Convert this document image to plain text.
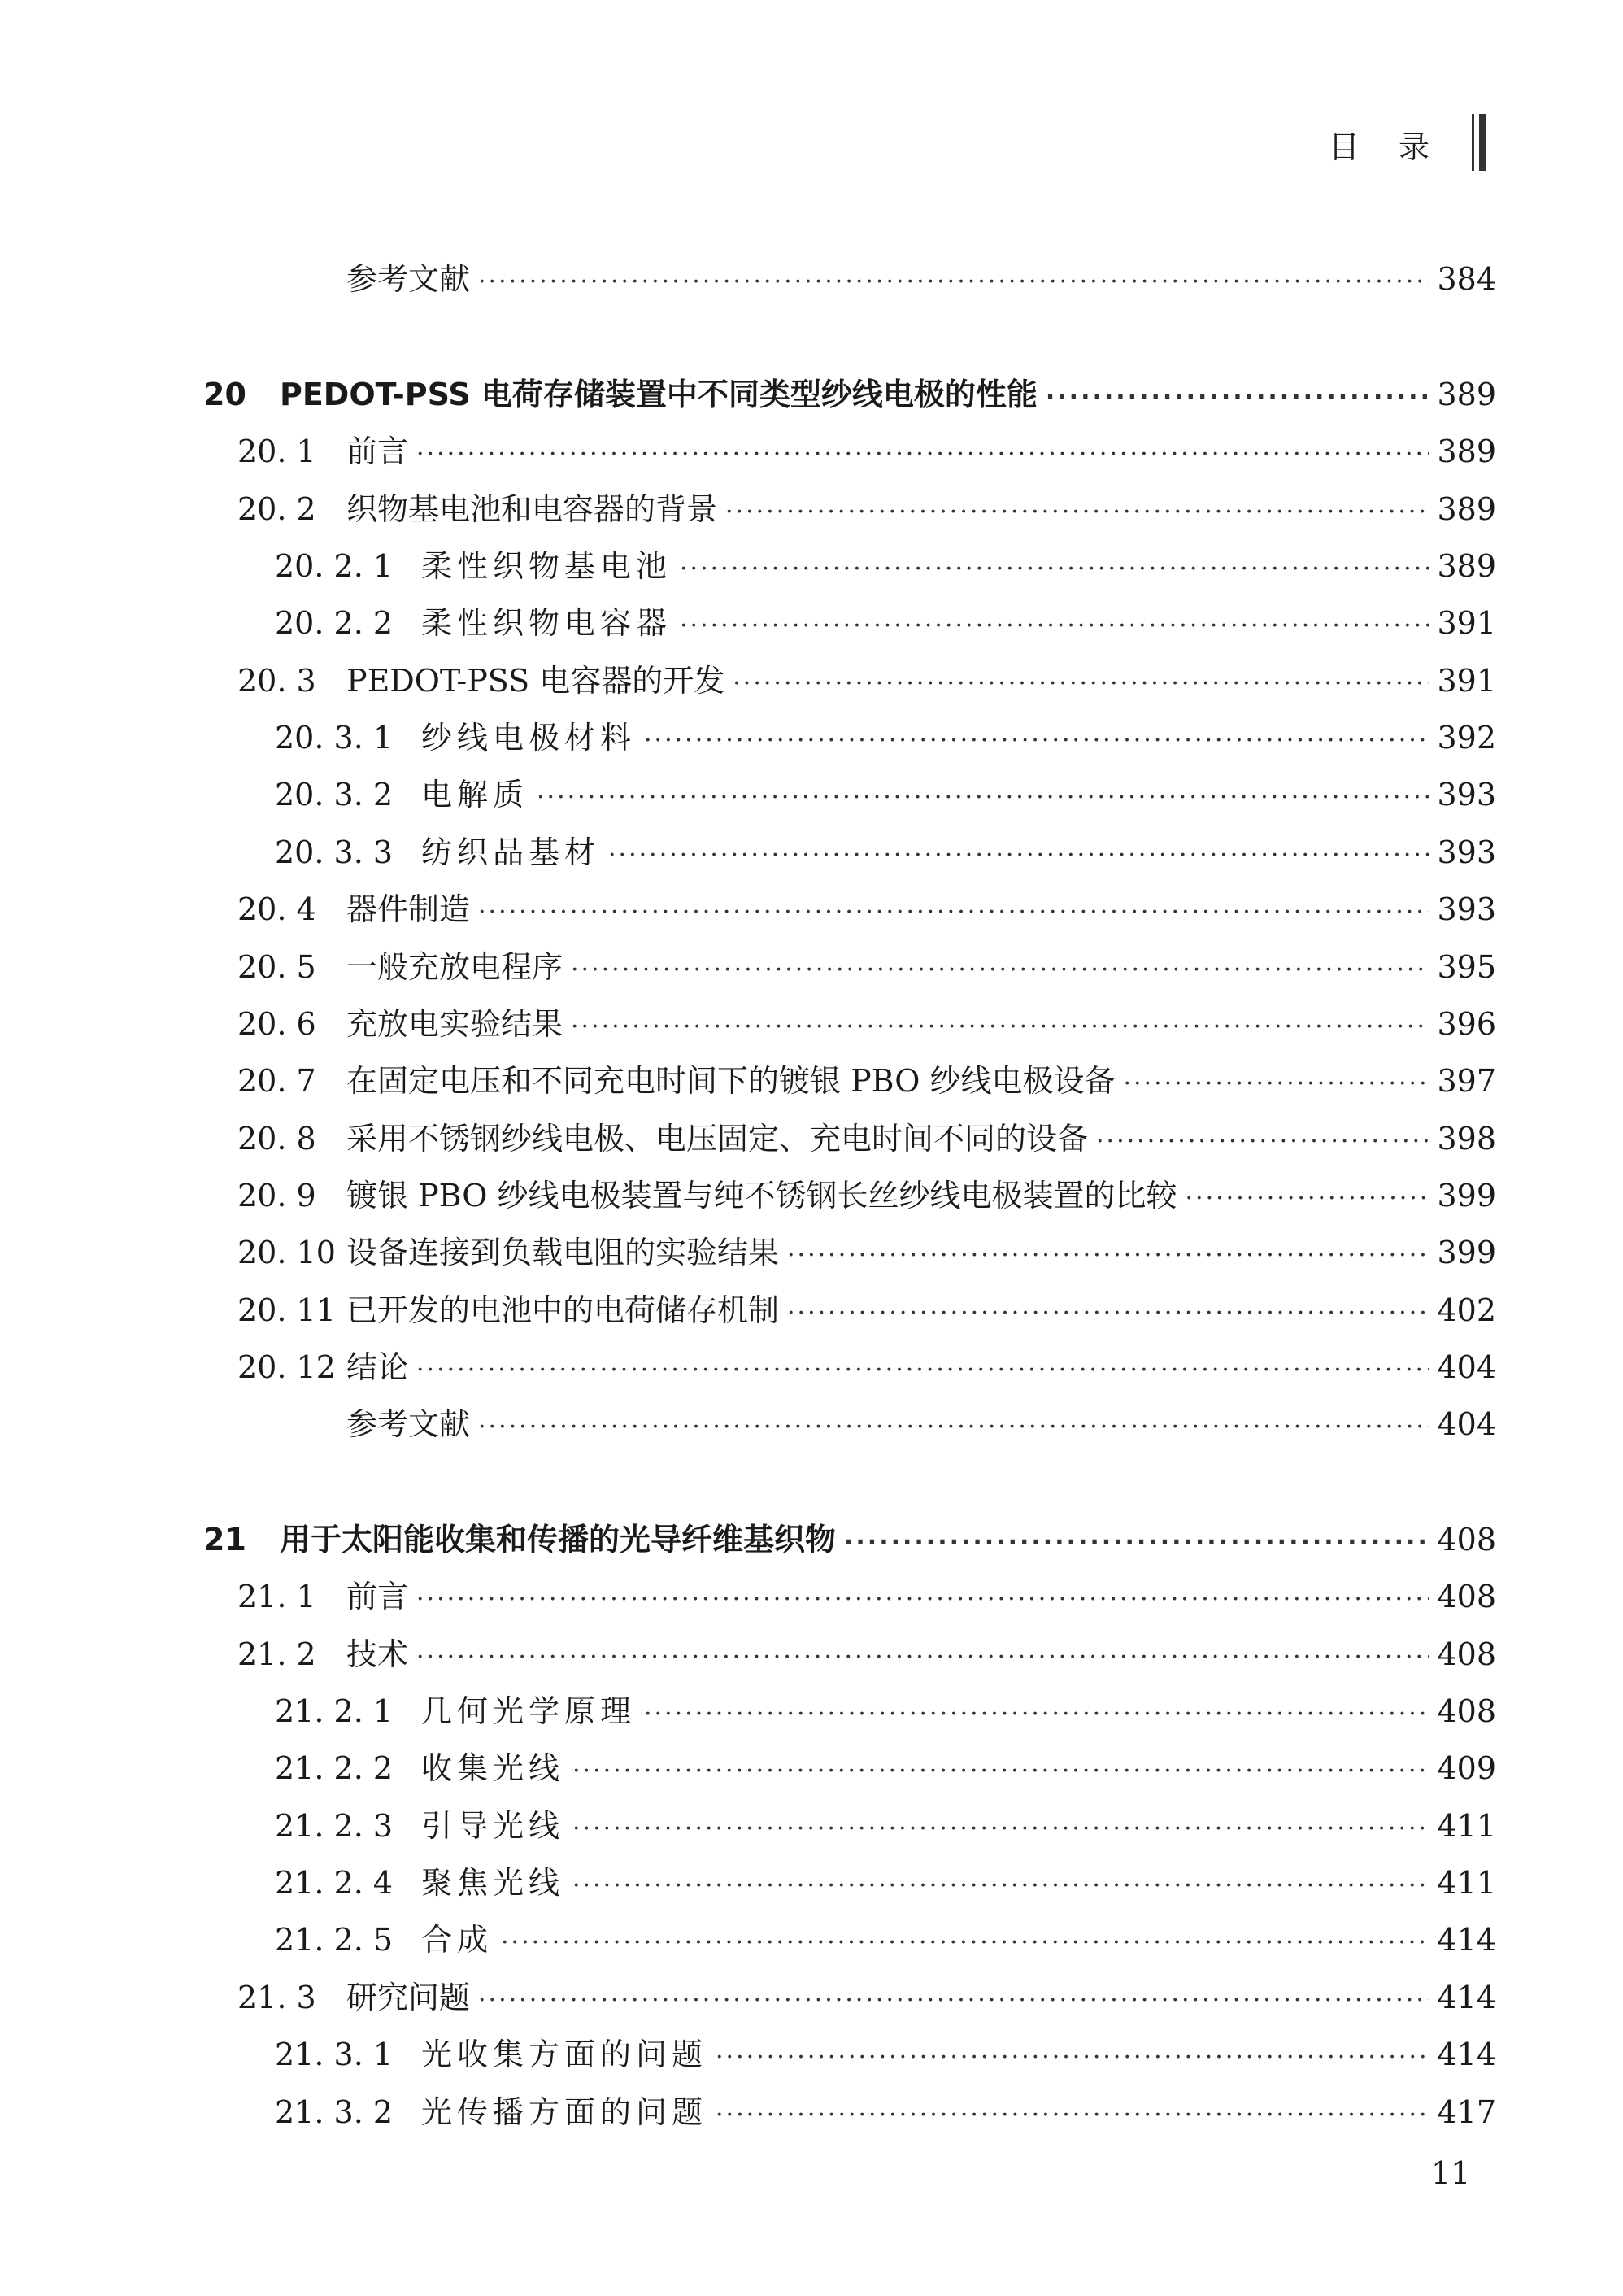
目 录
参考文献 ·····	384
20	PEDOT-PSS 电荷存储装置中不同类型纱线电极的性能 ·····	389
20. 1 前言 ·····	389
20. 2 织物基电池和电容器的背景 ·····	389
20. 2. 1 柔性织物基电池 ·····	389
20. 2. 2 柔性织物电容器 ·····	391
20. 3 PEDOT-PSS 电容器的开发 ·····	391
20. 3. 1 纱线电极材料 ·····	392
20. 3. 2 电解质 ·····	393
20. 3. 3 纺织品基材 ·····	393
20. 4 器件制造 ·····	393
20. 5 一般充放电程序 ·····	395
20. 6 充放电实验结果 ·····	396
20. 7 在固定电压和不同充电时间下的镀银 PBO 纱线电极设备 ·····	397
20. 8 采用不锈钢纱线电极、电压固定、充电时间不同的设备 ·····	398
20. 9 镀银 PBO 纱线电极装置与纯不锈钢长丝纱线电极装置的比较 ·····	399
20. 10 设备连接到负载电阻的实验结果 ·····	399
20. 11 已开发的电池中的电荷储存机制 ·····	402
20. 12 结论 ·····	404
参考文献 ·····	404
21	用于太阳能收集和传播的光导纤维基织物 ·····	408
21. 1 前言 ·····	408
21. 2 技术 ·····	408
21. 2. 1 几何光学原理 ·····	408
21. 2. 2 收集光线 ·····	409
21. 2. 3 引导光线 ·····	411
21. 2. 4 聚焦光线 ·····	411
21. 2. 5 合成 ·····	414
21. 3 研究问题 ·····	414
21. 3. 1 光收集方面的问题 ·····	414
21. 3. 2 光传播方面的问题 ·····	417
11
